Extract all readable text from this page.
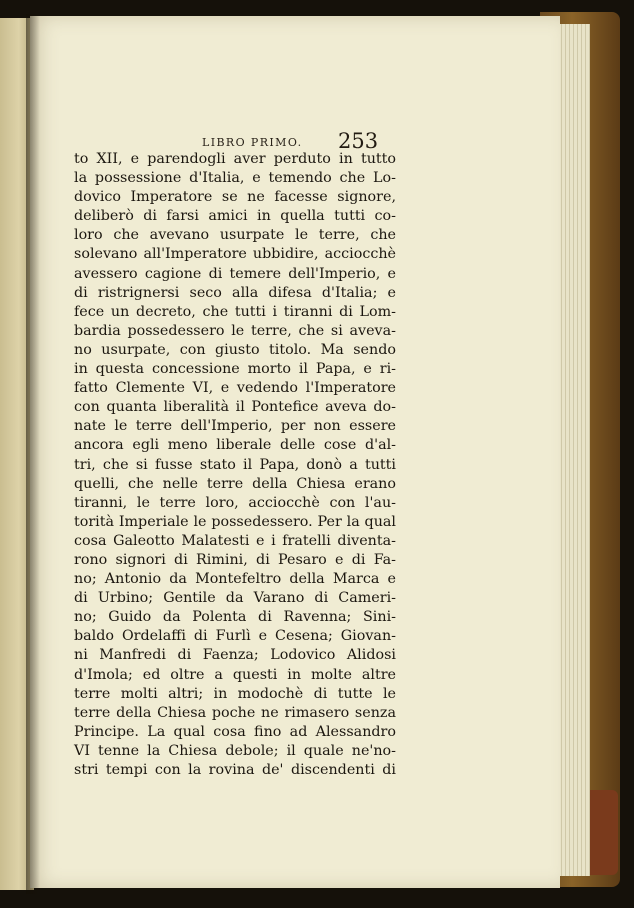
LIBRO PRIMO. 253
to XII, e parendogli aver perduto in tutto
la possessione d'Italia, e temendo che Lo-
dovico Imperatore se ne facesse signore,
deliberò di farsi amici in quella tutti co-
loro che avevano usurpate le terre, che
solevano all'Imperatore ubbidire, acciocchè
avessero cagione di temere dell'Imperio, e
di ristrignersi seco alla difesa d'Italia; e
fece un decreto, che tutti i tiranni di Lom-
bardia possedessero le terre, che si aveva-
no usurpate, con giusto titolo. Ma sendo
in questa concessione morto il Papa, e ri-
fatto Clemente VI, e vedendo l'Imperatore
con quanta liberalità il Pontefice aveva do-
nate le terre dell'Imperio, per non essere
ancora egli meno liberale delle cose d'al-
tri, che si fusse stato il Papa, donò a tutti
quelli, che nelle terre della Chiesa erano
tiranni, le terre loro, acciocchè con l'au-
torità Imperiale le possedessero. Per la qual
cosa Galeotto Malatesti e i fratelli diventa-
rono signori di Rimini, di Pesaro e di Fa-
no; Antonio da Montefeltro della Marca e
di Urbino; Gentile da Varano di Cameri-
no; Guido da Polenta di Ravenna; Sini-
baldo Ordelaffi di Furlì e Cesena; Giovan-
ni Manfredi di Faenza; Lodovico Alidosi
d'Imola; ed oltre a questi in molte altre
terre molti altri; in modochè di tutte le
terre della Chiesa poche ne rimasero senza
Principe. La qual cosa fino ad Alessandro
VI tenne la Chiesa debole; il quale ne'no-
stri tempi con la rovina de' discendenti di
